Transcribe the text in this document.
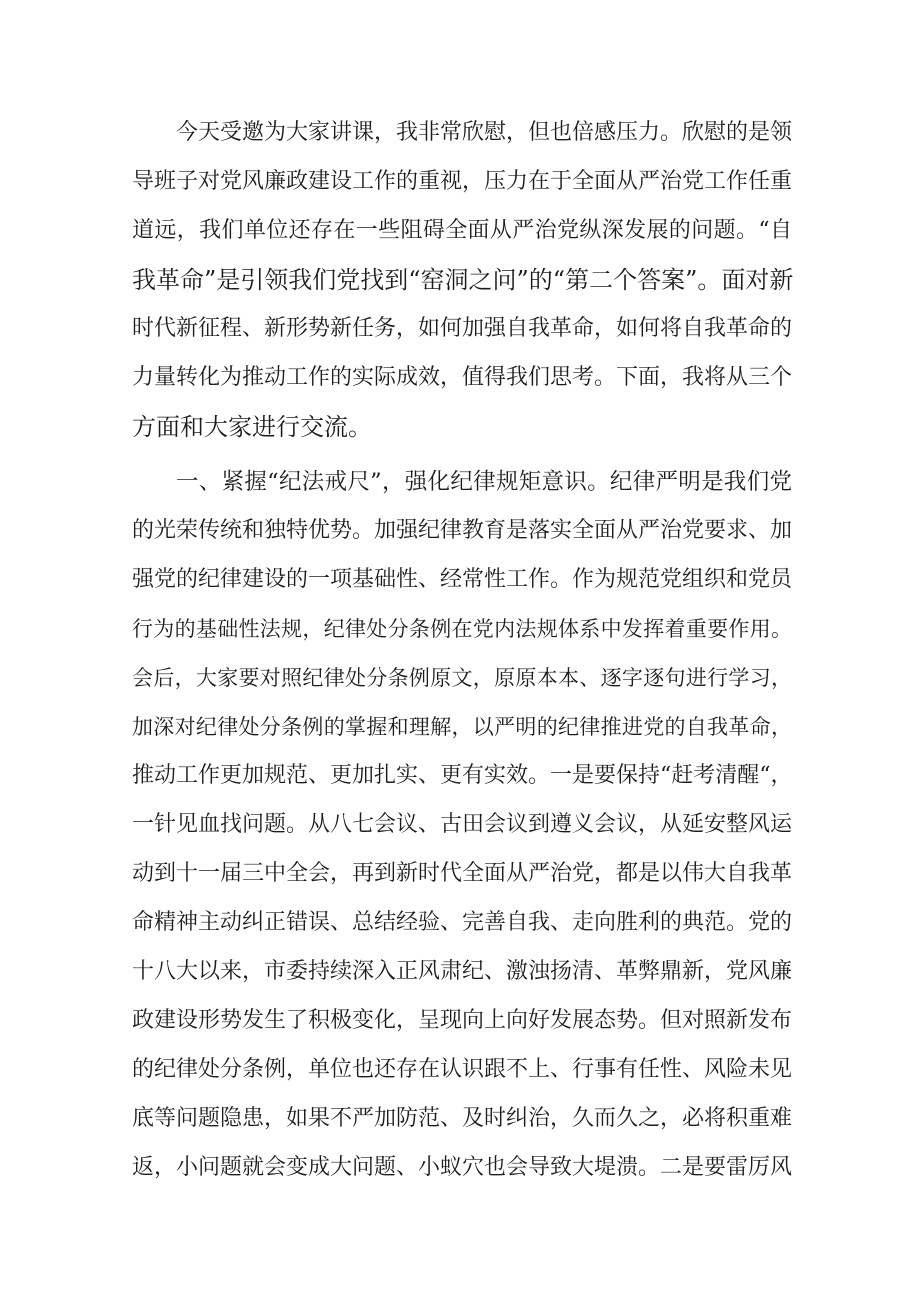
今天受邀为大家讲课，我非常欣慰，但也倍感压力。欣慰的是领
导班子对党风廉政建设工作的重视，压力在于全面从严治党工作任重
道远，我们单位还存在一些阻碍全面从严治党纵深发展的问题。“自
我革命”是引领我们党找到“窑洞之问”的“第二个答案”。面对新
时代新征程、新形势新任务，如何加强自我革命，如何将自我革命的
力量转化为推动工作的实际成效，值得我们思考。下面，我将从三个
方面和大家进行交流。
一、紧握“纪法戒尺”，强化纪律规矩意识。纪律严明是我们党
的光荣传统和独特优势。加强纪律教育是落实全面从严治党要求、加
强党的纪律建设的一项基础性、经常性工作。作为规范党组织和党员
行为的基础性法规，纪律处分条例在党内法规体系中发挥着重要作用。
会后，大家要对照纪律处分条例原文，原原本本、逐字逐句进行学习，
加深对纪律处分条例的掌握和理解，以严明的纪律推进党的自我革命，
推动工作更加规范、更加扎实、更有实效。一是要保持“赶考清醒“，
一针见血找问题。从八七会议、古田会议到遵义会议，从延安整风运
动到十一届三中全会，再到新时代全面从严治党，都是以伟大自我革
命精神主动纠正错误、总结经验、完善自我、走向胜利的典范。党的
十八大以来，市委持续深入正风肃纪、激浊扬清、革弊鼎新，党风廉
政建设形势发生了积极变化，呈现向上向好发展态势。但对照新发布
的纪律处分条例，单位也还存在认识跟不上、行事有任性、风险未见
底等问题隐患，如果不严加防范、及时纠治，久而久之，必将积重难
返，小问题就会变成大问题、小蚁穴也会导致大堤溃。二是要雷厉风
